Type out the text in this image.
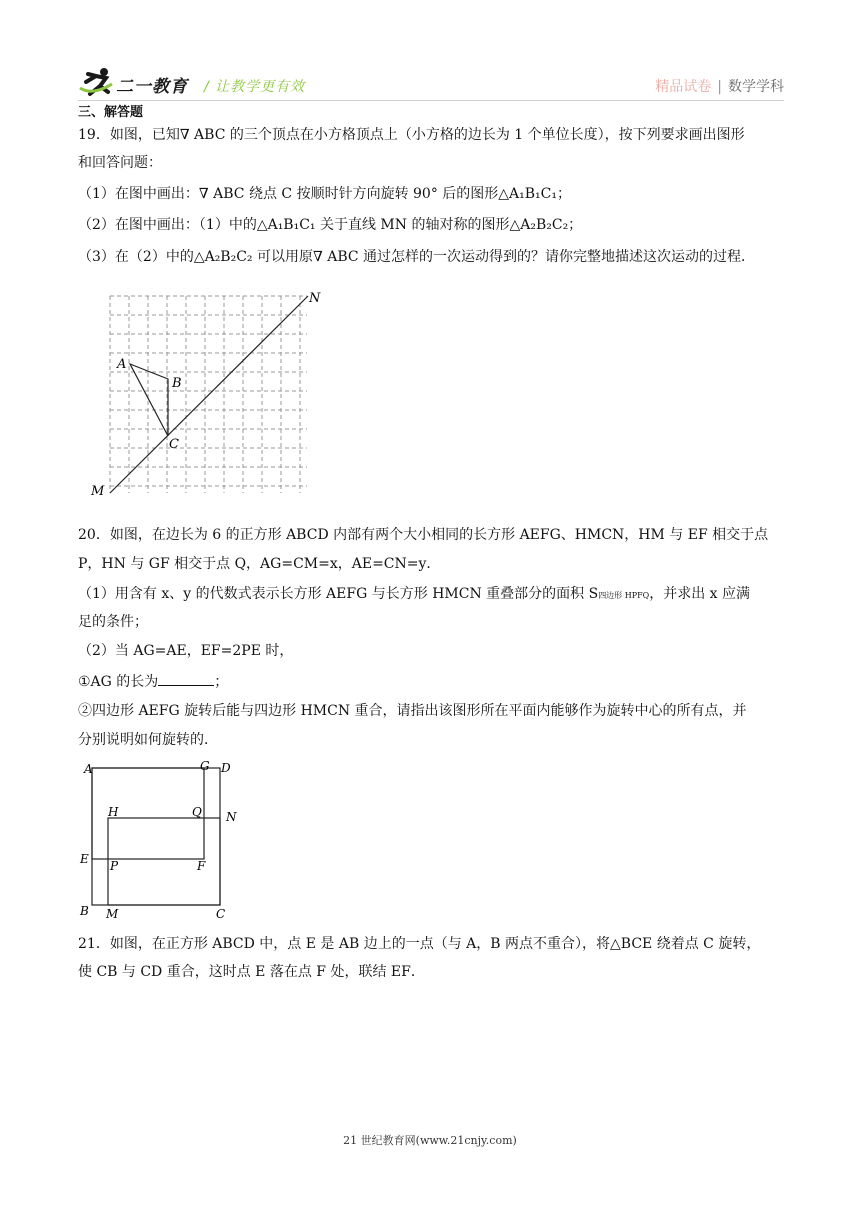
二一教育 / 让教学更有效	精品试卷 | 数学学科
三、解答题
19．如图，已知∇ ABC 的三个顶点在小方格顶点上（小方格的边长为 1 个单位长度），按下列要求画出图形
和回答问题：
（1）在图中画出：∇ ABC 绕点 C 按顺时针方向旋转 90° 后的图形△A₁B₁C₁；
（2）在图中画出：（1）中的△A₁B₁C₁ 关于直线 MN 的轴对称的图形△A₂B₂C₂；
（3）在（2）中的△A₂B₂C₂ 可以用原∇ ABC 通过怎样的一次运动得到的？请你完整地描述这次运动的过程．
A
B
C
M
N
20．如图，在边长为 6 的正方形 ABCD 内部有两个大小相同的长方形 AEFG、HMCN，HM 与 EF 相交于点
P，HN 与 GF 相交于点 Q，AG=CM=x，AE=CN=y．
（1）用含有 x、y 的代数式表示长方形 AEFG 与长方形 HMCN 重叠部分的面积 S四边形 HPFQ，并求出 x 应满
足的条件；
（2）当 AG=AE，EF=2PE 时，
①AG 的长为	；
②四边形 AEFG 旋转后能与四边形 HMCN 重合，请指出该图形所在平面内能够作为旋转中心的所有点，并
分别说明如何旋转的．
A	G D
H	Q N
E P	F
B M	C
21．如图，在正方形 ABCD 中，点 E 是 AB 边上的一点（与 A，B 两点不重合），将△BCE 绕着点 C 旋转，
使 CB 与 CD 重合，这时点 E 落在点 F 处，联结 EF．
21 世纪教育网(www.21cnjy.com)
